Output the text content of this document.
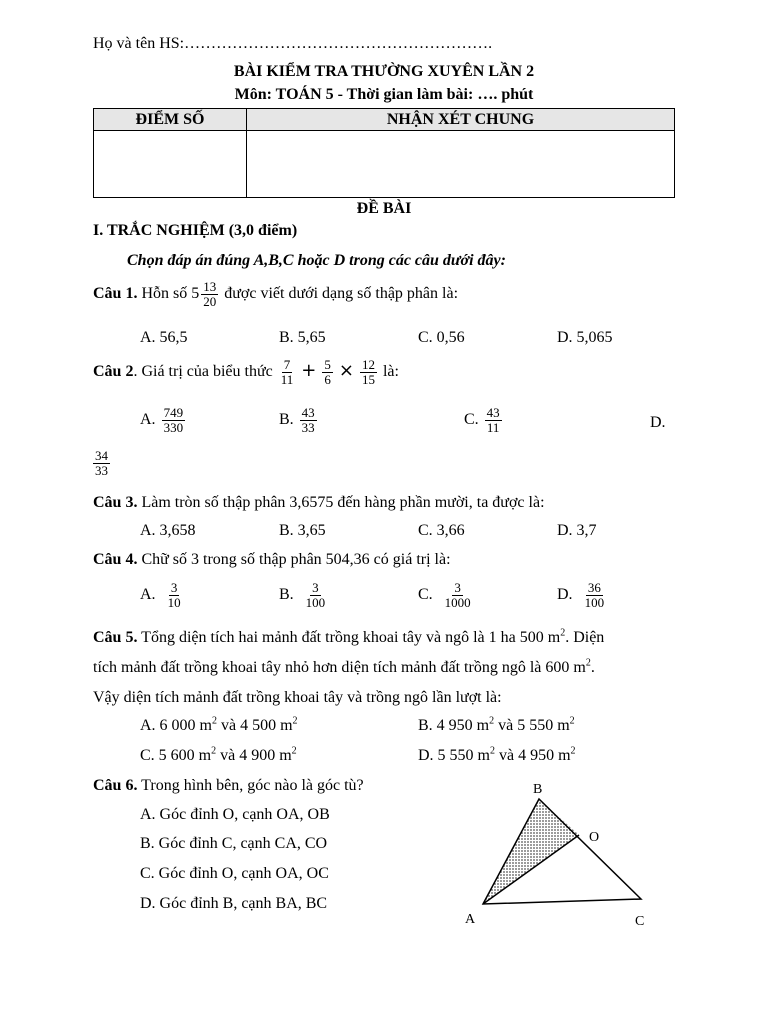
Họ và tên HS:………………………………………………….
BÀI KIỂM TRA THƯỜNG XUYÊN LẦN 2
Môn: TOÁN 5 - Thời gian làm bài: …. phút
ĐIỂM SỐ	NHẬN XÉT CHUNG

ĐỀ BÀI
I. TRẮC NGHIỆM (3,0 điểm)
Chọn đáp án đúng A,B,C hoặc D trong các câu dưới đây:
Câu 1. Hỗn số $5 \frac{13}{20}$ được viết dưới dạng số thập phân là:
A. 56,5	B. 5,65	C. 0,56	D. 5,065
Câu 2. Giá trị của biểu thức $\frac{7}{11} + \frac{5}{6} \times \frac{12}{15}$ là:
A. $\frac{749}{330}$	B. $\frac{43}{33}$	C. $\frac{43}{11}$	D.
$\frac{34}{33}$
Câu 3. Làm tròn số thập phân 3,6575 đến hàng phần mười, ta được là:
A. 3,658	B. 3,65	C. 3,66	D. 3,7
Câu 4. Chữ số 3 trong số thập phân 504,36 có giá trị là:
A. $\frac{3}{10}$	B. $\frac{3}{100}$	C. $\frac{3}{1000}$	D. $\frac{36}{100}$
Câu 5. Tổng diện tích hai mảnh đất trồng khoai tây và ngô là 1 ha 500 $m^2$. Diện
tích mảnh đất trồng khoai tây nhỏ hơn diện tích mảnh đất trồng ngô là 600 $m^2$.
Vậy diện tích mảnh đất trồng khoai tây và trồng ngô lần lượt là:
A. 6 000 $m^2$ và 4 500 $m^2$	B. 4 950 $m^2$ và 5 550 $m^2$
C. 5 600 $m^2$ và 4 900 $m^2$	D. 5 550 $m^2$ và 4 950 $m^2$
Câu 6. Trong hình bên, góc nào là góc tù?
A. Góc đỉnh O, cạnh OA, OB
B. Góc đỉnh C, cạnh CA, CO
C. Góc đỉnh O, cạnh OA, OC
D. Góc đỉnh B, cạnh BA, BC
B
O
A	C
